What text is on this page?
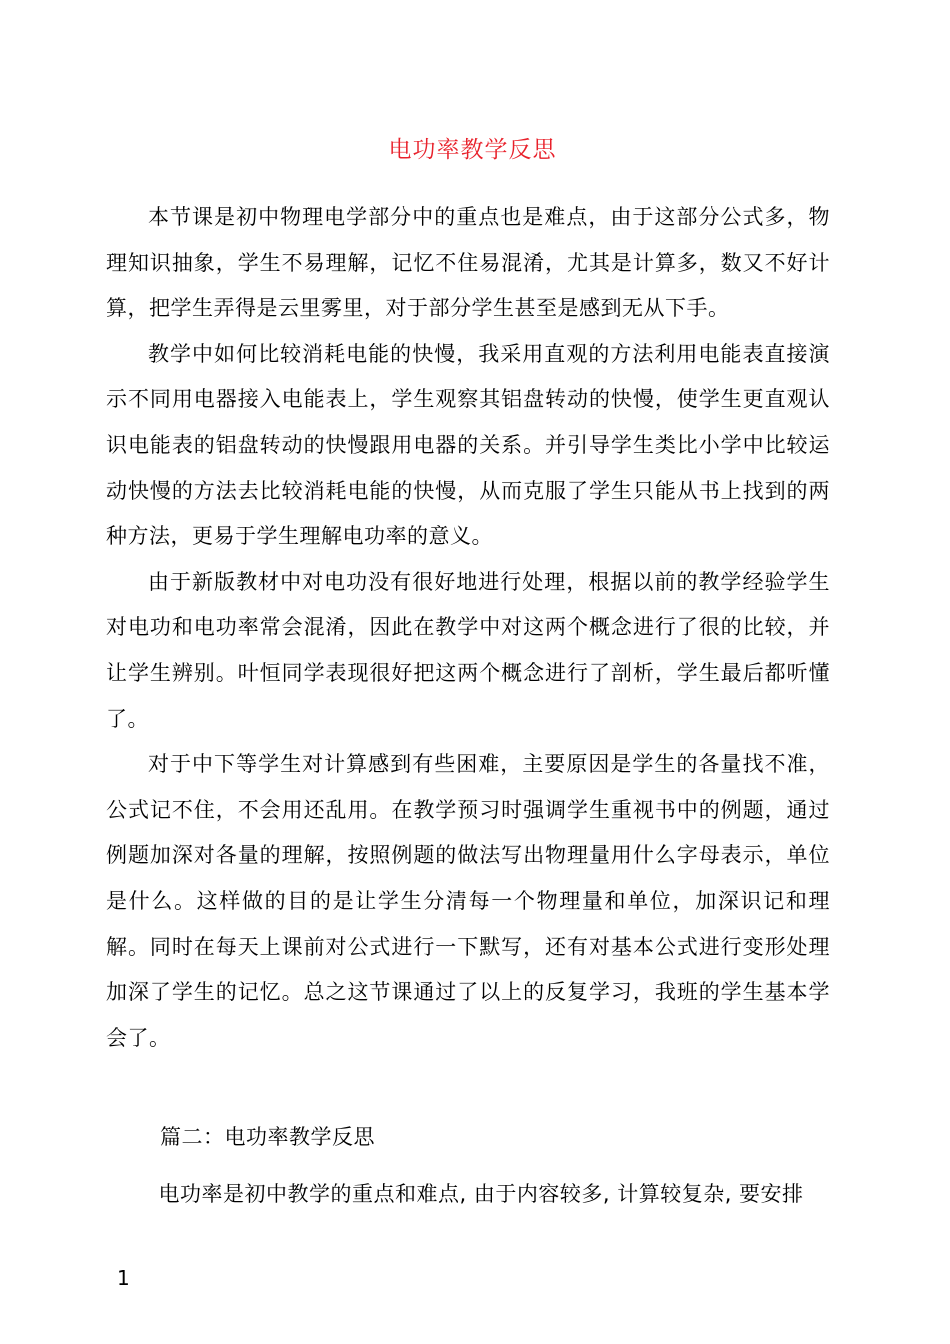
电功率教学反思

本节课是初中物理电学部分中的重点也是难点，由于这部分公式多，物理知识抽象，学生不易理解，记忆不住易混淆，尤其是计算多，数又不好计算，把学生弄得是云里雾里，对于部分学生甚至是感到无从下手。

教学中如何比较消耗电能的快慢，我采用直观的方法利用电能表直接演示不同用电器接入电能表上，学生观察其铝盘转动的快慢，使学生更直观认识电能表的铝盘转动的快慢跟用电器的关系。并引导学生类比小学中比较运动快慢的方法去比较消耗电能的快慢，从而克服了学生只能从书上找到的两种方法，更易于学生理解电功率的意义。

由于新版教材中对电功没有很好地进行处理，根据以前的教学经验学生对电功和电功率常会混淆，因此在教学中对这两个概念进行了很的比较，并让学生辨别。叶恒同学表现很好把这两个概念进行了剖析，学生最后都听懂了。

对于中下等学生对计算感到有些困难，主要原因是学生的各量找不准，公式记不住，不会用还乱用。在教学预习时强调学生重视书中的例题，通过例题加深对各量的理解，按照例题的做法写出物理量用什么字母表示，单位是什么。这样做的目的是让学生分清每一个物理量和单位，加深识记和理解。同时在每天上课前对公式进行一下默写，还有对基本公式进行变形处理加深了学生的记忆。总之这节课通过了以上的反复学习，我班的学生基本学会了。

篇二：电功率教学反思

电功率是初中教学的重点和难点, 由于内容较多, 计算较复杂, 要安排

1
